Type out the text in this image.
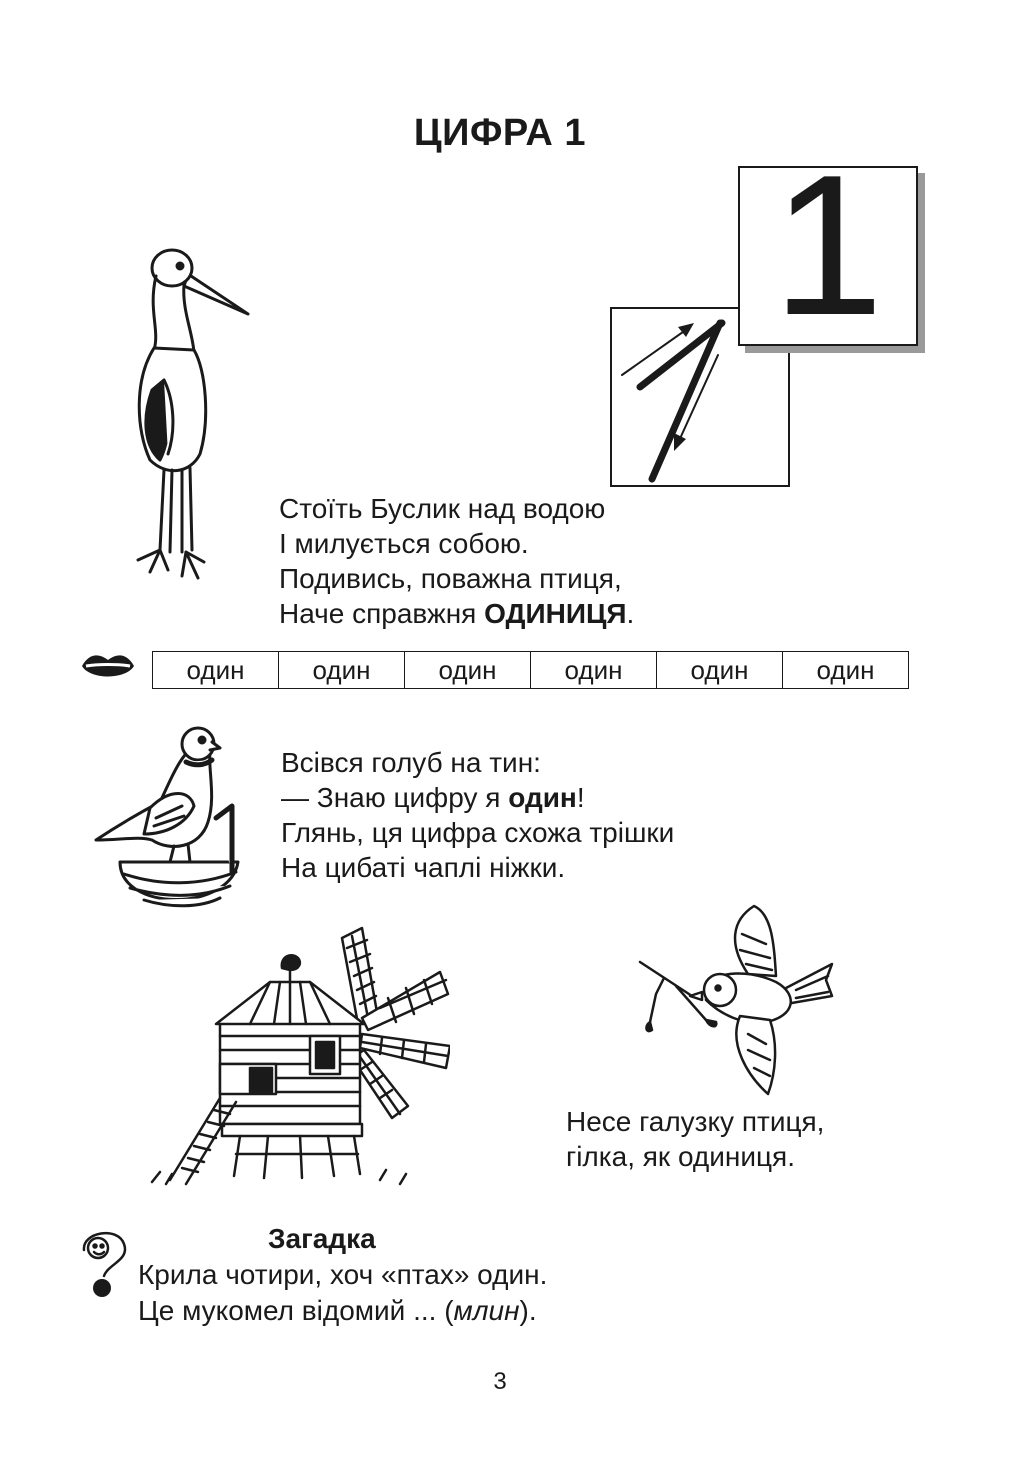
ЦИФРА 1
1
Стоїть Буслик над водою
І милується собою.
Подивись, поважна птиця,
Наче справжня ОДИНИЦЯ.
один	один	один	один	один	один
Всівся голуб на тин:
— Знаю цифру я один!
Глянь, ця цифра схожа трішки
На цибаті чаплі ніжки.
Несе галузку птиця,
гілка, як одиниця.
Загадка
Крила чотири, хоч «птах» один.
Це мукомел відомий ... (млин).
3
